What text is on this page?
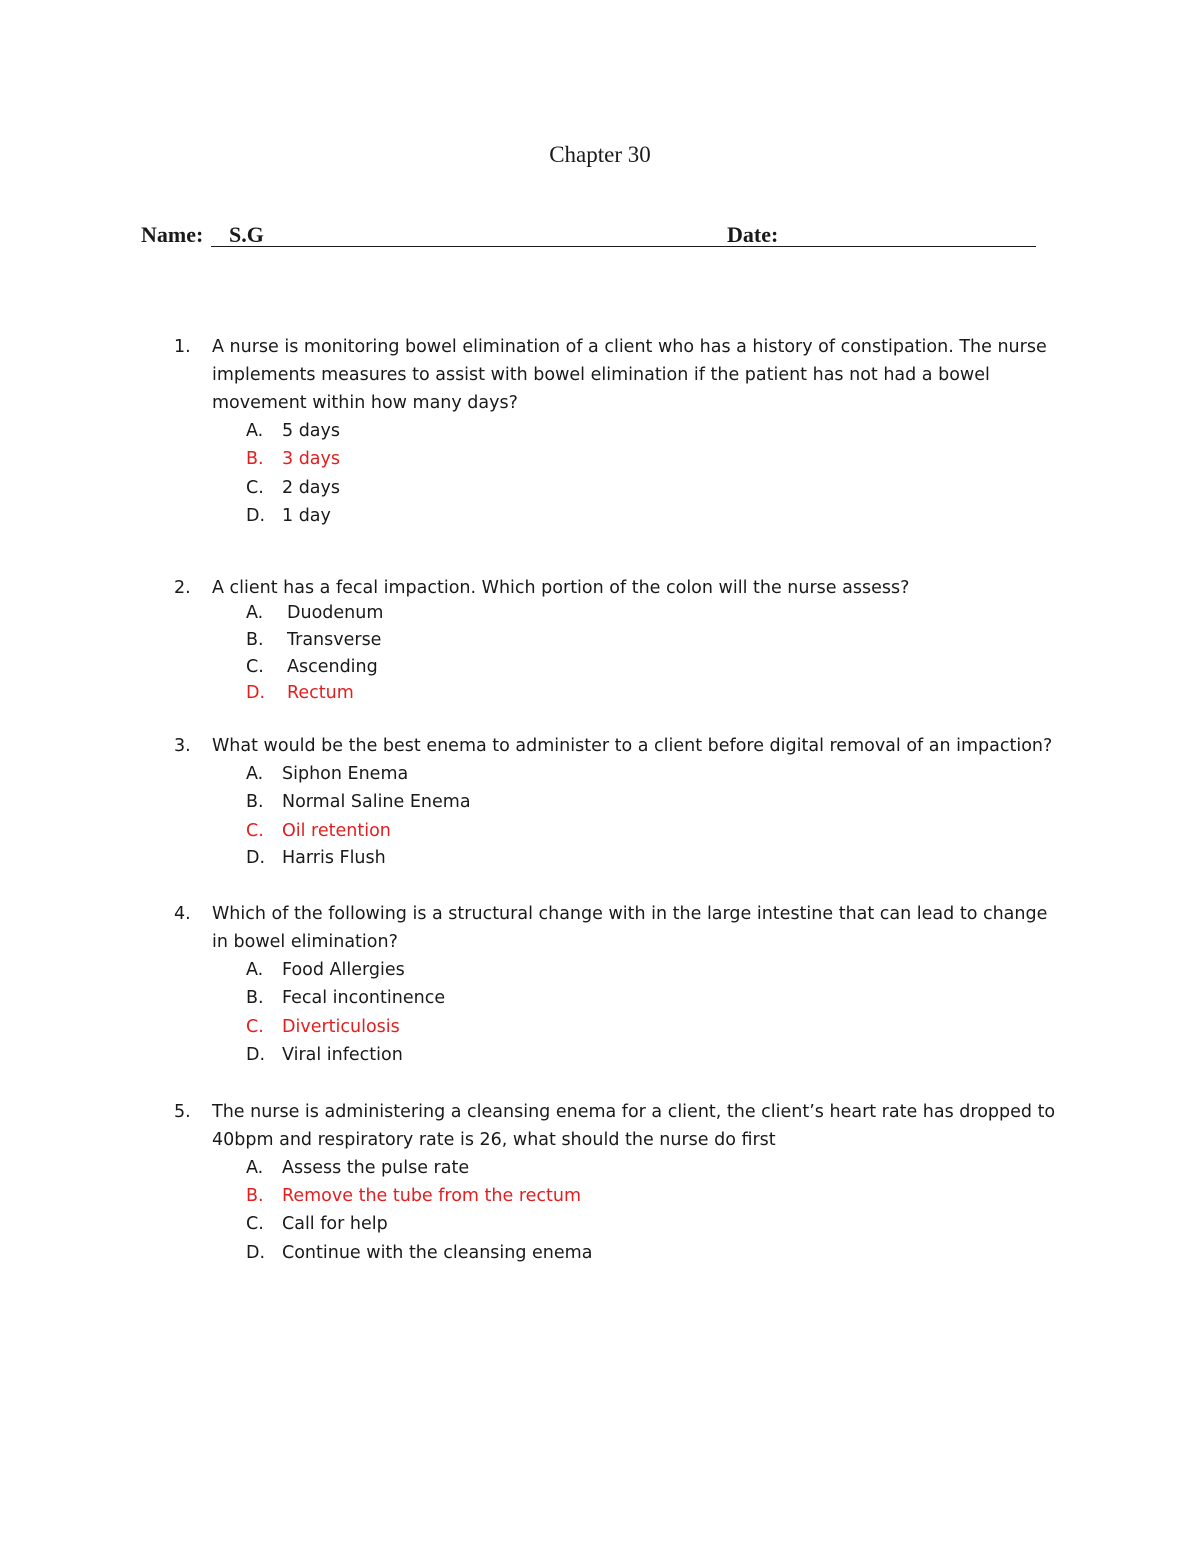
Chapter 30
Name: S.G	Date:
1. A nurse is monitoring bowel elimination of a client who has a history of constipation. The nurse
implements measures to assist with bowel elimination if the patient has not had a bowel
movement within how many days?
A. 5 days
B. 3 days
C. 2 days
D. 1 day
2. A client has a fecal impaction. Which portion of the colon will the nurse assess?
A. Duodenum
B. Transverse
C. Ascending
D. Rectum
3. What would be the best enema to administer to a client before digital removal of an impaction?
A. Siphon Enema
B. Normal Saline Enema
C. Oil retention
D. Harris Flush
4. Which of the following is a structural change with in the large intestine that can lead to change
in bowel elimination?
A. Food Allergies
B. Fecal incontinence
C. Diverticulosis
D. Viral infection
5. The nurse is administering a cleansing enema for a client, the client’s heart rate has dropped to
40bpm and respiratory rate is 26, what should the nurse do first
A. Assess the pulse rate
B. Remove the tube from the rectum
C. Call for help
D. Continue with the cleansing enema
